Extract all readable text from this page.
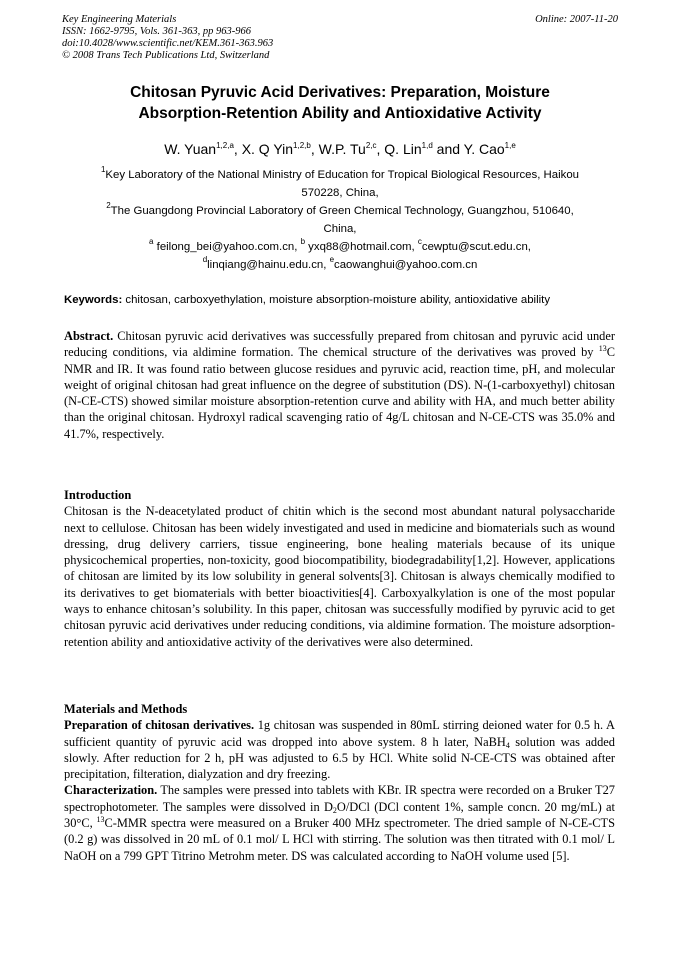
Key Engineering Materials
ISSN: 1662-9795, Vols. 361-363, pp 963-966
doi:10.4028/www.scientific.net/KEM.361-363.963
© 2008 Trans Tech Publications Ltd, Switzerland
Online: 2007-11-20
Chitosan Pyruvic Acid Derivatives: Preparation, Moisture
Absorption-Retention Ability and Antioxidative Activity
W. Yuan$^{1,2,a}$, X. Q Yin$^{1,2,b}$, W.P. Tu$^{2,c}$, Q. Lin$^{1,d}$ and Y. Cao$^{1,e}$
$^1$Key Laboratory of the National Ministry of Education for Tropical Biological Resources, Haikou
570228, China,
$^2$The Guangdong Provincial Laboratory of Green Chemical Technology, Guangzhou, 510640,
China,
$^a$ feilong_bei@yahoo.com.cn, $^b$ yxq88@hotmail.com, $^c$cewptu@scut.edu.cn,
$^d$linqiang@hainu.edu.cn, $^e$caowanghui@yahoo.com.cn
Keywords: chitosan, carboxyethylation, moisture absorption-moisture ability, antioxidative ability

Abstract. Chitosan pyruvic acid derivatives was successfully prepared from chitosan and pyruvic acid under reducing conditions, via aldimine formation. The chemical structure of the derivatives was proved by $^{13}$C NMR and IR. It was found ratio between glucose residues and pyruvic acid, reaction time, pH, and molecular weight of original chitosan had great influence on the degree of substitution (DS). N-(1-carboxyethyl) chitosan (N-CE-CTS) showed similar moisture absorption-retention curve and ability with HA, and much better ability than the original chitosan. Hydroxyl radical scavenging ratio of 4g/L chitosan and N-CE-CTS was 35.0% and 41.7%, respectively.

Introduction

Chitosan is the N-deacetylated product of chitin which is the second most abundant natural polysaccharide next to cellulose. Chitosan has been widely investigated and used in medicine and biomaterials such as wound dressing, drug delivery carriers, tissue engineering, bone healing materials because of its unique physicochemical properties, non-toxicity, good biocompatibility, biodegradability[1,2]. However, applications of chitosan are limited by its low solubility in general solvents[3]. Chitosan is always chemically modified to its derivatives to get biomaterials with better bioactivities[4]. Carboxyalkylation is one of the most popular ways to enhance chitosan’s solubility. In this paper, chitosan was successfully modified by pyruvic acid to get chitosan pyruvic acid derivatives under reducing conditions, via aldimine formation. The moisture adsorption- retention ability and antioxidative activity of the derivatives were also determined.

Materials and Methods

Preparation of chitosan derivatives. 1g chitosan was suspended in 80mL stirring deioned water for 0.5 h. A sufficient quantity of pyruvic acid was dropped into above system. 8 h later, NaBH$_4$ solution was added slowly. After reduction for 2 h, pH was adjusted to 6.5 by HCl. White solid N-CE-CTS was obtained after precipitation, filteration, dialyzation and dry freezing.

Characterization. The samples were pressed into tablets with KBr. IR spectra were recorded on a Bruker T27 spectrophotometer. The samples were dissolved in $D_2O$/DCl (DCl content 1%, sample concn. 20 mg/mL) at 30°C, $^{13}$C-MMR spectra were measured on a Bruker 400 MHz spectrometer. The dried sample of N-CE-CTS (0.2 g) was dissolved in 20 mL of 0.1 mol/ L HCl with stirring. The solution was then titrated with 0.1 mol/ L NaOH on a 799 GPT Titrino Metrohm meter. DS was calculated according to NaOH volume used [5].
